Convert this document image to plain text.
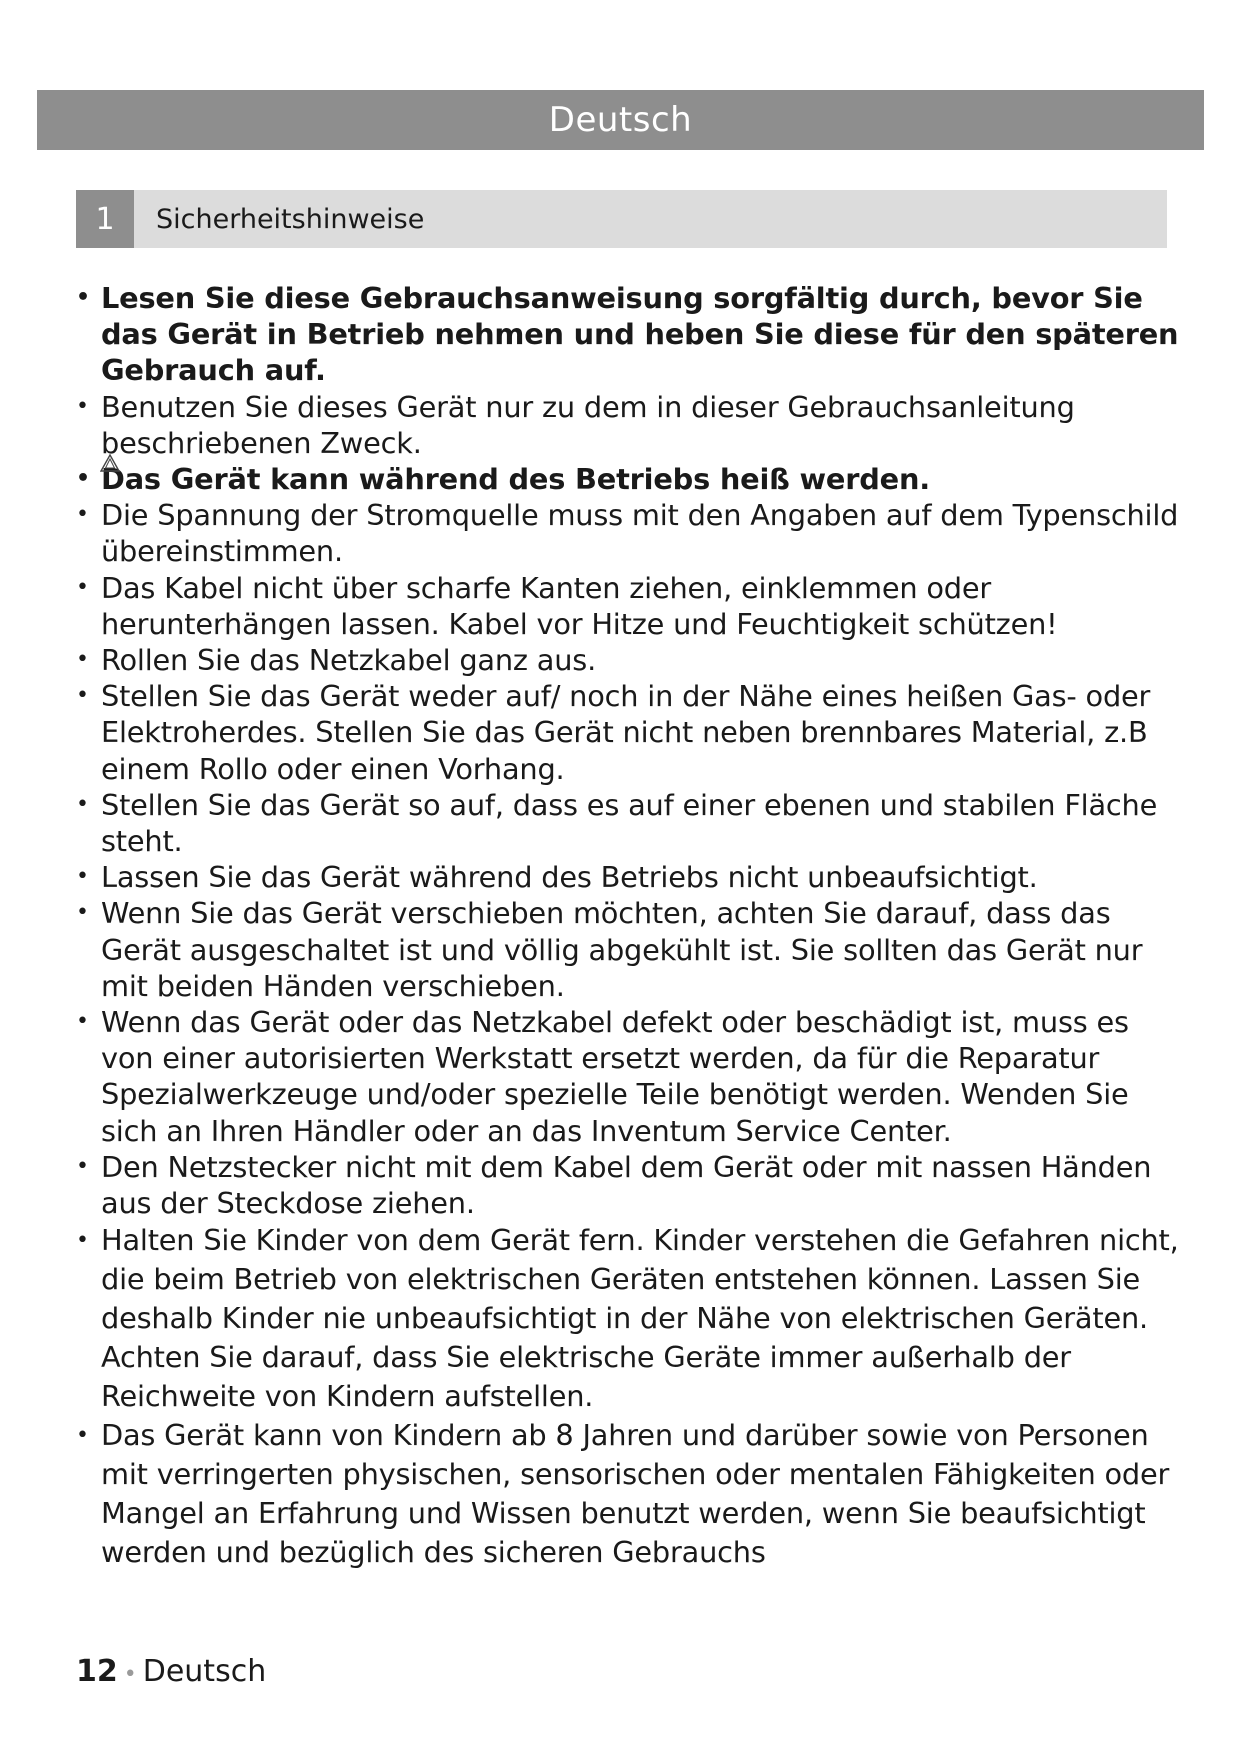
Deutsch
1	Sicherheitshinweise
• Lesen Sie diese Gebrauchsanweisung sorgfältig durch, bevor Sie das Gerät in Betrieb nehmen und heben Sie diese für den späteren Gebrauch auf.
• Benutzen Sie dieses Gerät nur zu dem in dieser Gebrauchsanleitung beschriebenen Zweck.
• Das Gerät kann während des Betriebs heiß werden.
• Die Spannung der Stromquelle muss mit den Angaben auf dem Typenschild übereinstimmen.
• Das Kabel nicht über scharfe Kanten ziehen, einklemmen oder herunterhängen lassen. Kabel vor Hitze und Feuchtigkeit schützen!
• Rollen Sie das Netzkabel ganz aus.
• Stellen Sie das Gerät weder auf/ noch in der Nähe eines heißen Gas- oder Elektroherdes. Stellen Sie das Gerät nicht neben brennbares Material, z.B einem Rollo oder einen Vorhang.
• Stellen Sie das Gerät so auf, dass es auf einer ebenen und stabilen Fläche steht.
• Lassen Sie das Gerät während des Betriebs nicht unbeaufsichtigt.
• Wenn Sie das Gerät verschieben möchten, achten Sie darauf, dass das Gerät ausgeschaltet ist und völlig abgekühlt ist. Sie sollten das Gerät nur mit beiden Händen verschieben.
• Wenn das Gerät oder das Netzkabel defekt oder beschädigt ist, muss es von einer autorisierten Werkstatt ersetzt werden, da für die Reparatur Spezialwerkzeuge und/oder spezielle Teile benötigt werden. Wenden Sie sich an Ihren Händler oder an das Inventum Service Center.
• Den Netzstecker nicht mit dem Kabel dem Gerät oder mit nassen Händen aus der Steckdose ziehen.
• Halten Sie Kinder von dem Gerät fern. Kinder verstehen die Gefahren nicht, die beim Betrieb von elektrischen Geräten entstehen können. Lassen Sie deshalb Kinder nie unbeaufsichtigt in der Nähe von elektrischen Geräten. Achten Sie darauf, dass Sie elektrische Geräte immer außerhalb der Reichweite von Kindern aufstellen.
• Das Gerät kann von Kindern ab 8 Jahren und darüber sowie von Personen mit verringerten physischen, sensorischen oder mentalen Fähigkeiten oder Mangel an Erfahrung und Wissen benutzt werden, wenn Sie beaufsichtigt werden und bezüglich des sicheren Gebrauchs
12 • Deutsch
